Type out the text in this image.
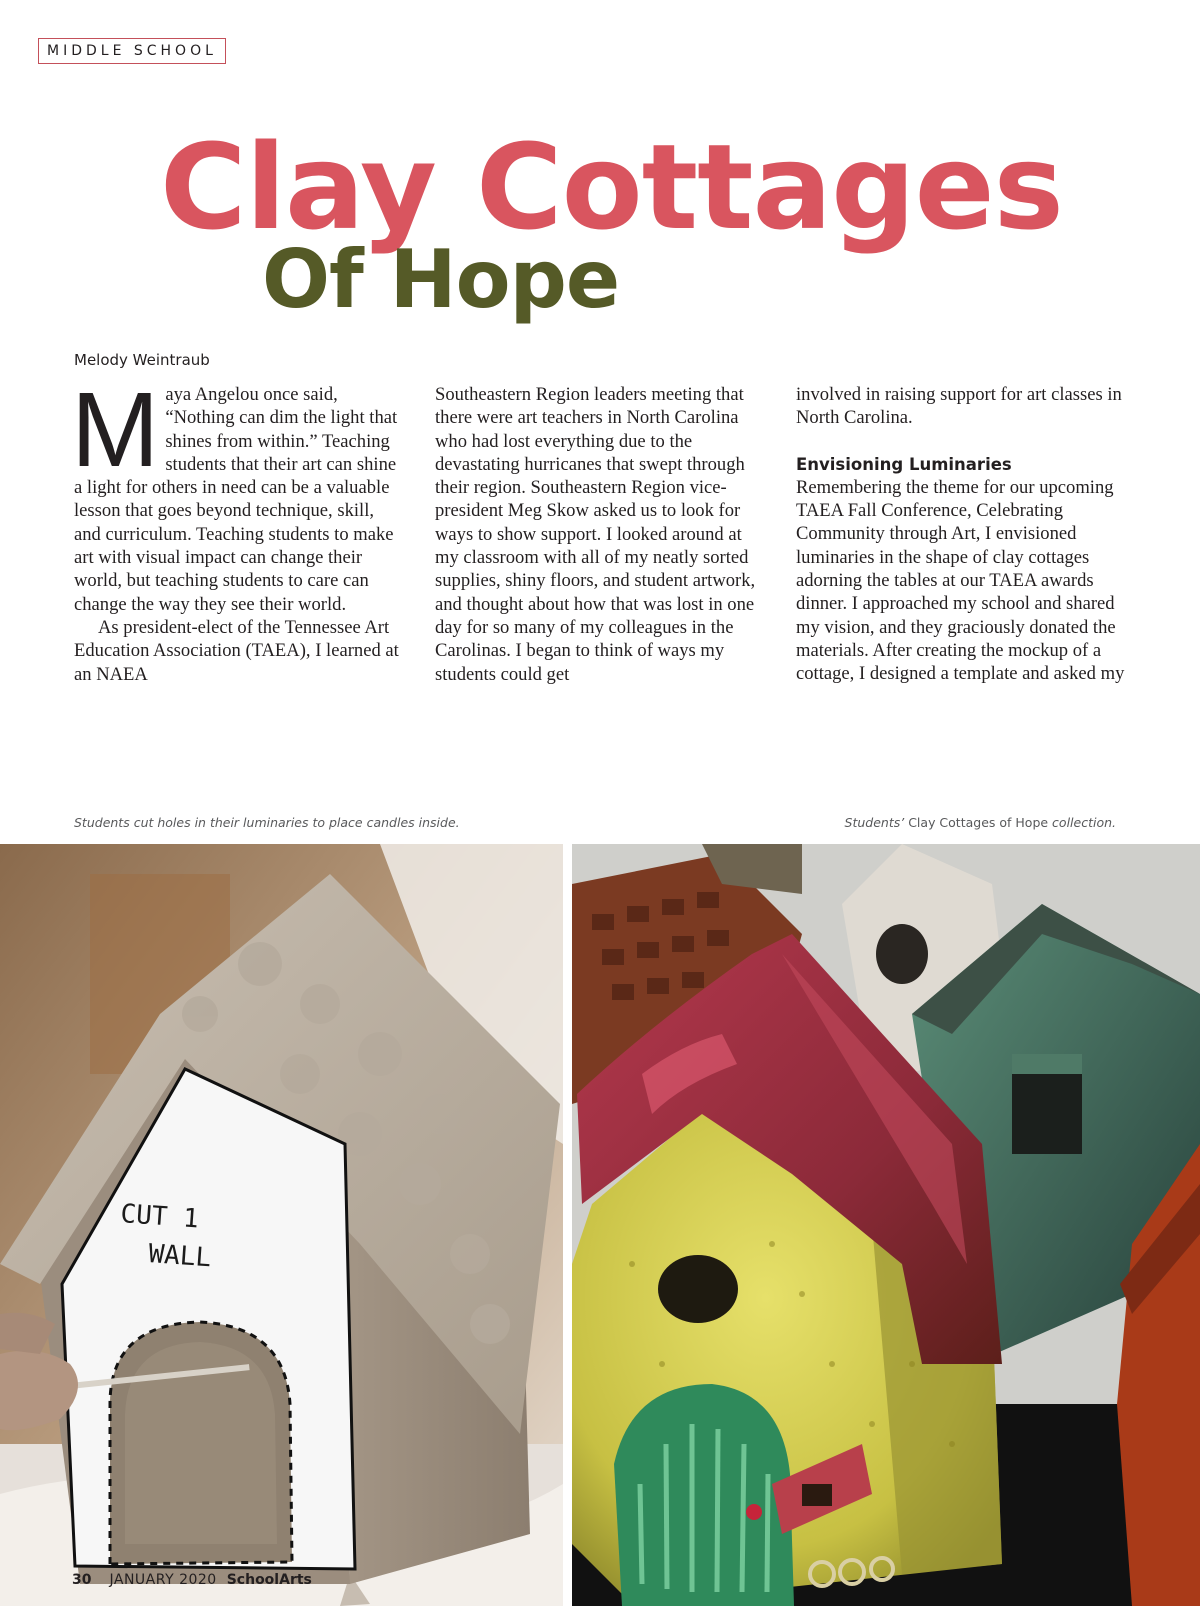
MIDDLE SCHOOL
Clay Cottages
Of Hope
Melody Weintraub
M aya Angelou once said, “Nothing can dim the light that shines from within.” Teaching students that their art can shine a light for others in need can be a valuable lesson that goes beyond technique, skill, and curriculum. Teaching students to make art with visual impact can change their world, but teaching students to care can change the way they see their world.

As president-elect of the Tennessee Art Education Association (TAEA), I learned at an NAEA

Southeastern Region leaders meeting that there were art teachers in North Carolina who had lost everything due to the devastating hurricanes that swept through their region. Southeastern Region vice-president Meg Skow asked us to look for ways to show support. I looked around at my classroom with all of my neatly sorted supplies, shiny floors, and student artwork, and thought about how that was lost in one day for so many of my colleagues in the Carolinas. I began to think of ways my students could get

involved in raising support for art classes in North Carolina.

Envisioning Luminaries

Remembering the theme for our upcoming TAEA Fall Conference, Celebrating Community through Art, I envisioned luminaries in the shape of clay cottages adorning the tables at our TAEA awards dinner. I approached my school and shared my vision, and they graciously donated the materials. After creating the mockup of a cottage, I designed a template and asked my

Students cut holes in their luminaries to place candles inside.	Students’ Clay Cottages of Hope collection.
CUT 1
WALL
30 JANUARY 2020 SchoolArts
